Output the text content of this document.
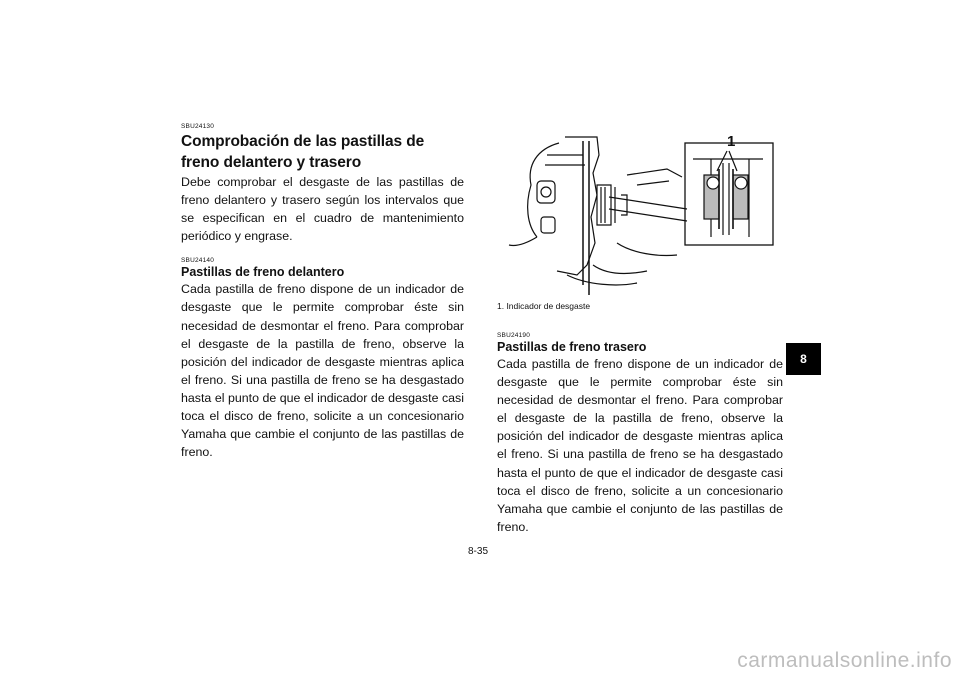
SBU24130

Comprobación de las pastillas de freno delantero y trasero

Debe comprobar el desgaste de las pastillas de freno delantero y trasero según los intervalos que se especifican en el cuadro de mantenimiento periódico y engrase.

SBU24140

Pastillas de freno delantero

Cada pastilla de freno dispone de un indicador de desgaste que le permite comprobar éste sin necesidad de desmontar el freno. Para comprobar el desgaste de la pastilla de freno, observe la posición del indicador de desgaste mientras aplica el freno. Si una pastilla de freno se ha desgastado hasta el punto de que el indicador de desgaste casi toca el disco de freno, solicite a un concesionario Yamaha que cambie el conjunto de las pastillas de freno.

1

1. Indicador de desgaste

SBU24190

Pastillas de freno trasero

Cada pastilla de freno dispone de un indicador de desgaste que le permite comprobar éste sin necesidad de desmontar el freno. Para comprobar el desgaste de la pastilla de freno, observe la posición del indicador de desgaste mientras aplica el freno. Si una pastilla de freno se ha desgastado hasta el punto de que el indicador de desgaste casi toca el disco de freno, solicite a un concesionario Yamaha que cambie el conjunto de las pastillas de freno.

8-35
8
carmanualsonline.info
